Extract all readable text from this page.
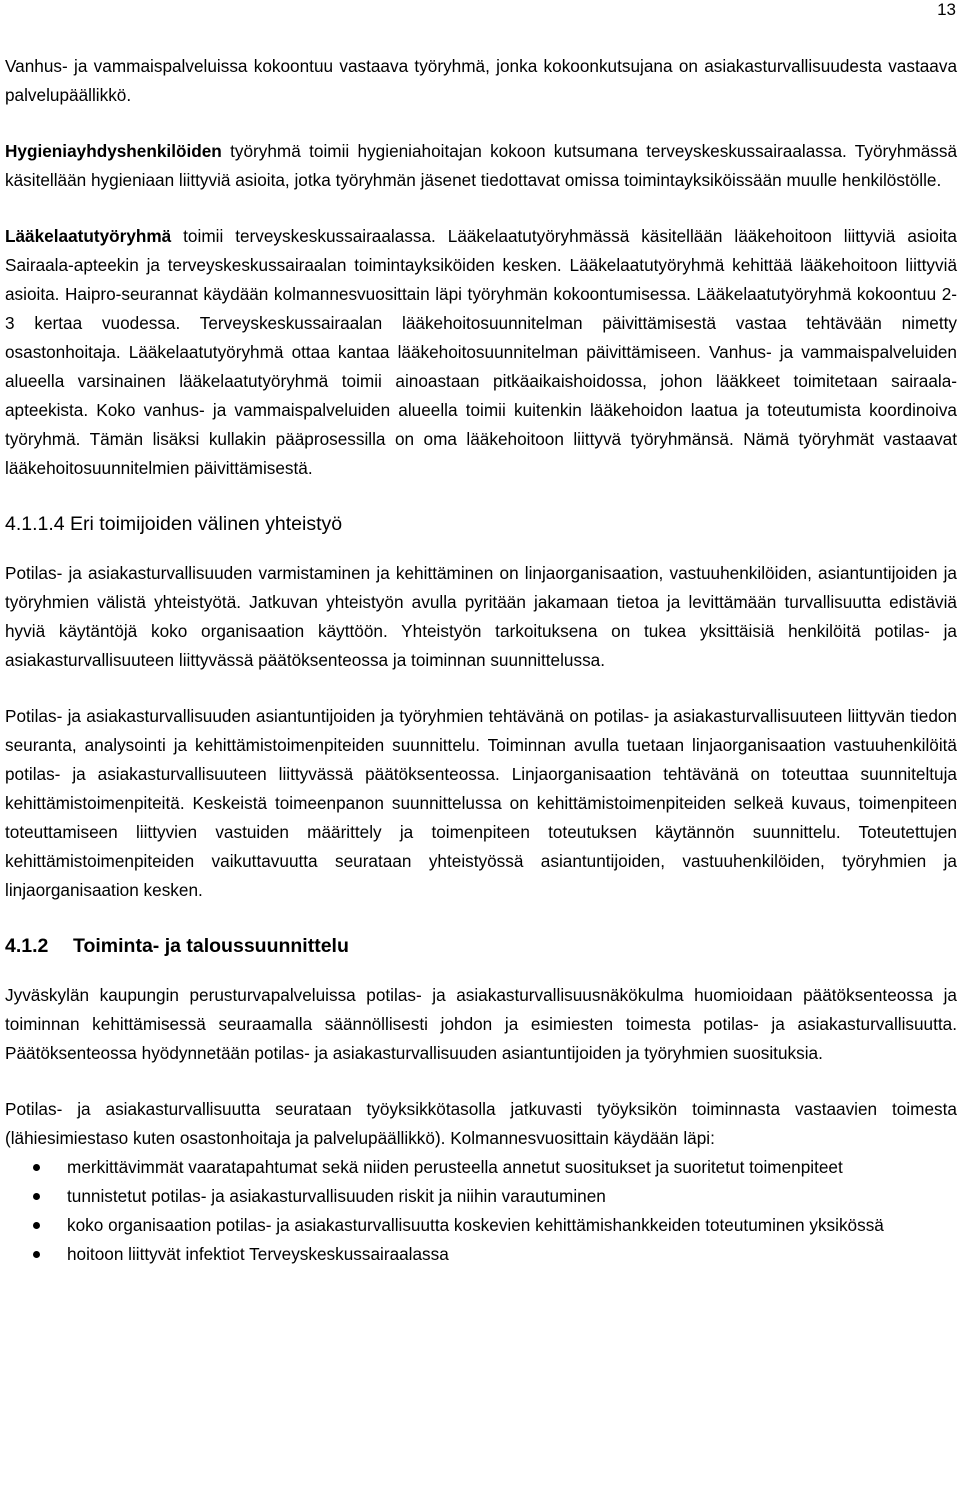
13

Vanhus- ja vammaispalveluissa kokoontuu vastaava työryhmä, jonka kokoonkutsujana on asiakasturvallisuudesta vastaava palvelupäällikkö.

Hygieniayhdyshenkilöiden työryhmä toimii hygieniahoitajan kokoon kutsumana terveyskeskussairaalassa. Työryhmässä käsitellään hygieniaan liittyviä asioita, jotka työryhmän jäsenet tiedottavat omissa toimintayksiköissään muulle henkilöstölle.

Lääkelaatutyöryhmä toimii terveyskeskussairaalassa. Lääkelaatutyöryhmässä käsitellään lääkehoitoon liittyviä asioita Sairaala-apteekin ja terveyskeskussairaalan toimintayksiköiden kesken. Lääkelaatutyöryhmä kehittää lääkehoitoon liittyviä asioita. Haipro-seurannat käydään kolmannesvuosittain läpi työryhmän kokoontumisessa. Lääkelaatutyöryhmä kokoontuu 2-3 kertaa vuodessa. Terveyskeskussairaalan lääkehoitosuunnitelman päivittämisestä vastaa tehtävään nimetty osastonhoitaja. Lääkelaatutyöryhmä ottaa kantaa lääkehoitosuunnitelman päivittämiseen. Vanhus- ja vammaispalveluiden alueella varsinainen lääkelaatutyöryhmä toimii ainoastaan pitkäaikaishoidossa, johon lääkkeet toimitetaan sairaala-apteekista. Koko vanhus- ja vammaispalveluiden alueella toimii kuitenkin lääkehoidon laatua ja toteutumista koordinoiva työryhmä. Tämän lisäksi kullakin pääprosessilla on oma lääkehoitoon liittyvä työryhmänsä. Nämä työryhmät vastaavat lääkehoitosuunnitelmien päivittämisestä.

4.1.1.4 Eri toimijoiden välinen yhteistyö

Potilas- ja asiakasturvallisuuden varmistaminen ja kehittäminen on linjaorganisaation, vastuuhenkilöiden, asiantuntijoiden ja työryhmien välistä yhteistyötä. Jatkuvan yhteistyön avulla pyritään jakamaan tietoa ja levittämään turvallisuutta edistäviä hyviä käytäntöjä koko organisaation käyttöön. Yhteistyön tarkoituksena on tukea yksittäisiä henkilöitä potilas- ja asiakasturvallisuuteen liittyvässä päätöksenteossa ja toiminnan suunnittelussa.

Potilas- ja asiakasturvallisuuden asiantuntijoiden ja työryhmien tehtävänä on potilas- ja asiakasturvallisuuteen liittyvän tiedon seuranta, analysointi ja kehittämistoimenpiteiden suunnittelu. Toiminnan avulla tuetaan linjaorganisaation vastuuhenkilöitä potilas- ja asiakasturvallisuuteen liittyvässä päätöksenteossa. Linjaorganisaation tehtävänä on toteuttaa suunniteltuja kehittämistoimenpiteitä. Keskeistä toimeenpanon suunnittelussa on kehittämistoimenpiteiden selkeä kuvaus, toimenpiteen toteuttamiseen liittyvien vastuiden määrittely ja toimenpiteen toteutuksen käytännön suunnittelu. Toteutettujen kehittämistoimenpiteiden vaikuttavuutta seurataan yhteistyössä asiantuntijoiden, vastuuhenkilöiden, työryhmien ja linjaorganisaation kesken.

4.1.2 Toiminta- ja taloussuunnittelu

Jyväskylän kaupungin perusturvapalveluissa potilas- ja asiakasturvallisuusnäkökulma huomioidaan päätöksenteossa ja toiminnan kehittämisessä seuraamalla säännöllisesti johdon ja esimiesten toimesta potilas- ja asiakasturvallisuutta. Päätöksenteossa hyödynnetään potilas- ja asiakasturvallisuuden asiantuntijoiden ja työryhmien suosituksia.

Potilas- ja asiakasturvallisuutta seurataan työyksikkötasolla jatkuvasti työyksikön toiminnasta vastaavien toimesta (lähiesimiestaso kuten osastonhoitaja ja palvelupäällikkö). Kolmannesvuosittain käydään läpi:

merkittävimmät vaaratapahtumat sekä niiden perusteella annetut suositukset ja suoritetut toimenpiteet
tunnistetut potilas- ja asiakasturvallisuuden riskit ja niihin varautuminen
koko organisaation potilas- ja asiakasturvallisuutta koskevien kehittämishankkeiden toteutuminen yksikössä
hoitoon liittyvät infektiot Terveyskeskussairaalassa
